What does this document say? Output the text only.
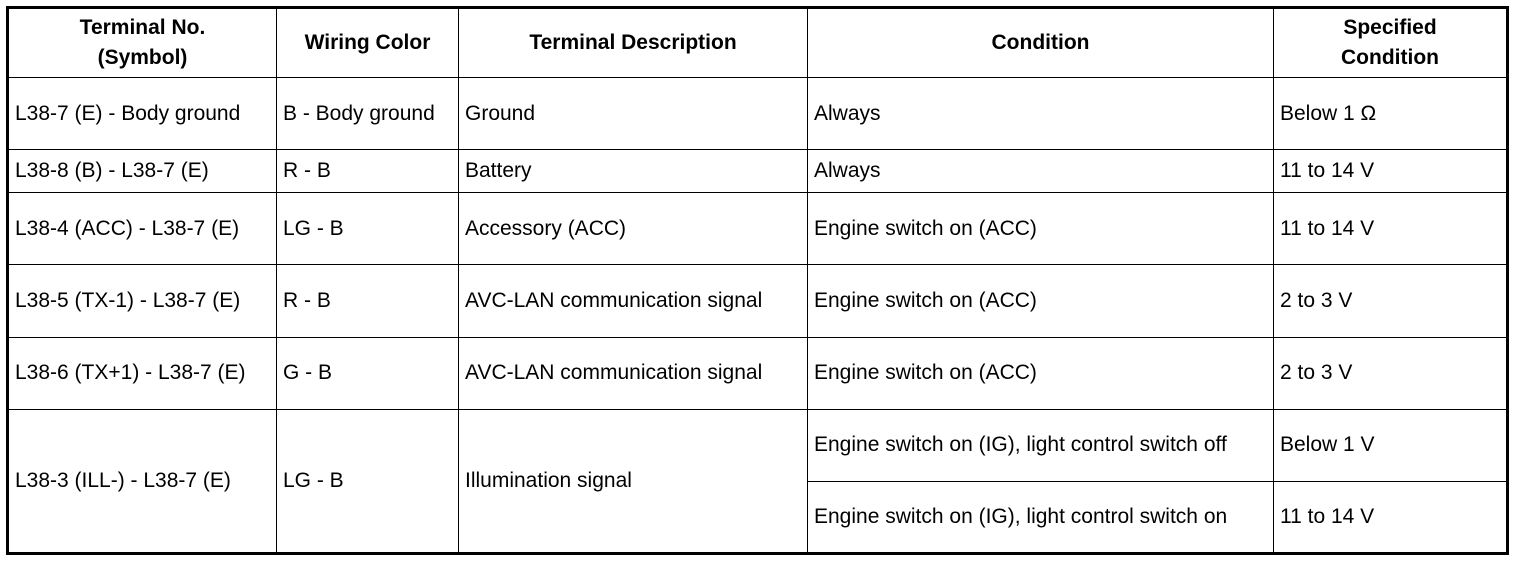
Terminal No.
(Symbol)	Wiring Color	Terminal Description	Condition	Specified
Condition
L38-7 (E) - Body ground	B - Body ground	Ground	Always	Below 1 Ω
L38-8 (B) - L38-7 (E)	R - B	Battery	Always	11 to 14 V
L38-4 (ACC) - L38-7 (E)	LG - B	Accessory (ACC)	Engine switch on (ACC)	11 to 14 V
L38-5 (TX-1) - L38-7 (E)	R - B	AVC-LAN communication signal	Engine switch on (ACC)	2 to 3 V
L38-6 (TX+1) - L38-7 (E)	G - B	AVC-LAN communication signal	Engine switch on (ACC)	2 to 3 V
L38-3 (ILL-) - L38-7 (E)	LG - B	Illumination signal	Engine switch on (IG), light control switch off	Below 1 V
			Engine switch on (IG), light control switch on	11 to 14 V
